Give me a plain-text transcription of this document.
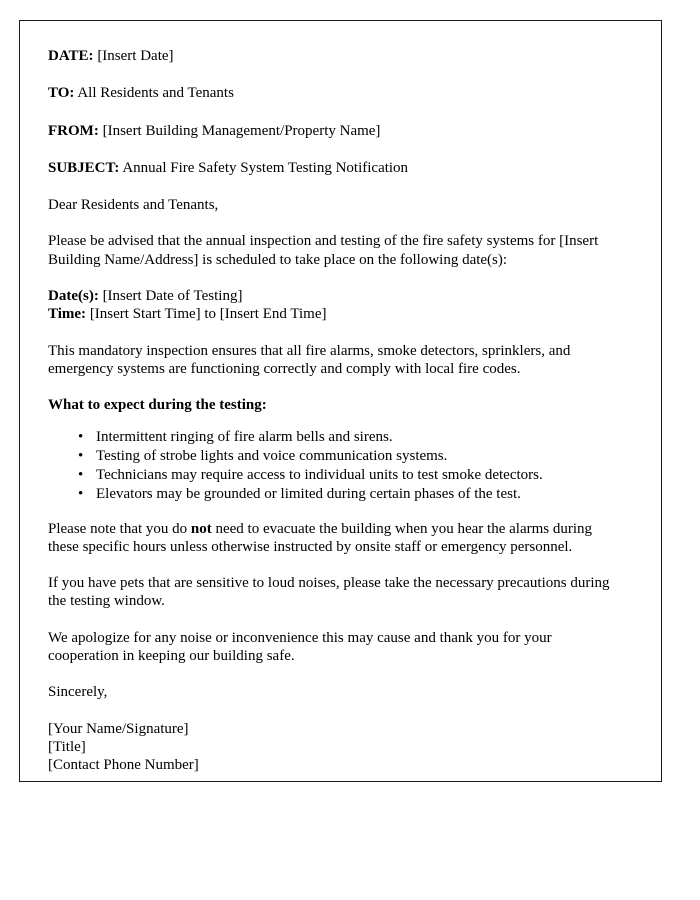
DATE: [Insert Date]

TO: All Residents and Tenants

FROM: [Insert Building Management/Property Name]

SUBJECT: Annual Fire Safety System Testing Notification

Dear Residents and Tenants,

Please be advised that the annual inspection and testing of the fire safety systems for [Insert Building Name/Address] is scheduled to take place on the following date(s):

Date(s): [Insert Date of Testing]
Time: [Insert Start Time] to [Insert End Time]

This mandatory inspection ensures that all fire alarms, smoke detectors, sprinklers, and emergency systems are functioning correctly and comply with local fire codes.

What to expect during the testing:

• Intermittent ringing of fire alarm bells and sirens.
• Testing of strobe lights and voice communication systems.
• Technicians may require access to individual units to test smoke detectors.
• Elevators may be grounded or limited during certain phases of the test.

Please note that you do not need to evacuate the building when you hear the alarms during these specific hours unless otherwise instructed by onsite staff or emergency personnel.

If you have pets that are sensitive to loud noises, please take the necessary precautions during the testing window.

We apologize for any noise or inconvenience this may cause and thank you for your cooperation in keeping our building safe.

Sincerely,

[Your Name/Signature]
[Title]
[Contact Phone Number]
